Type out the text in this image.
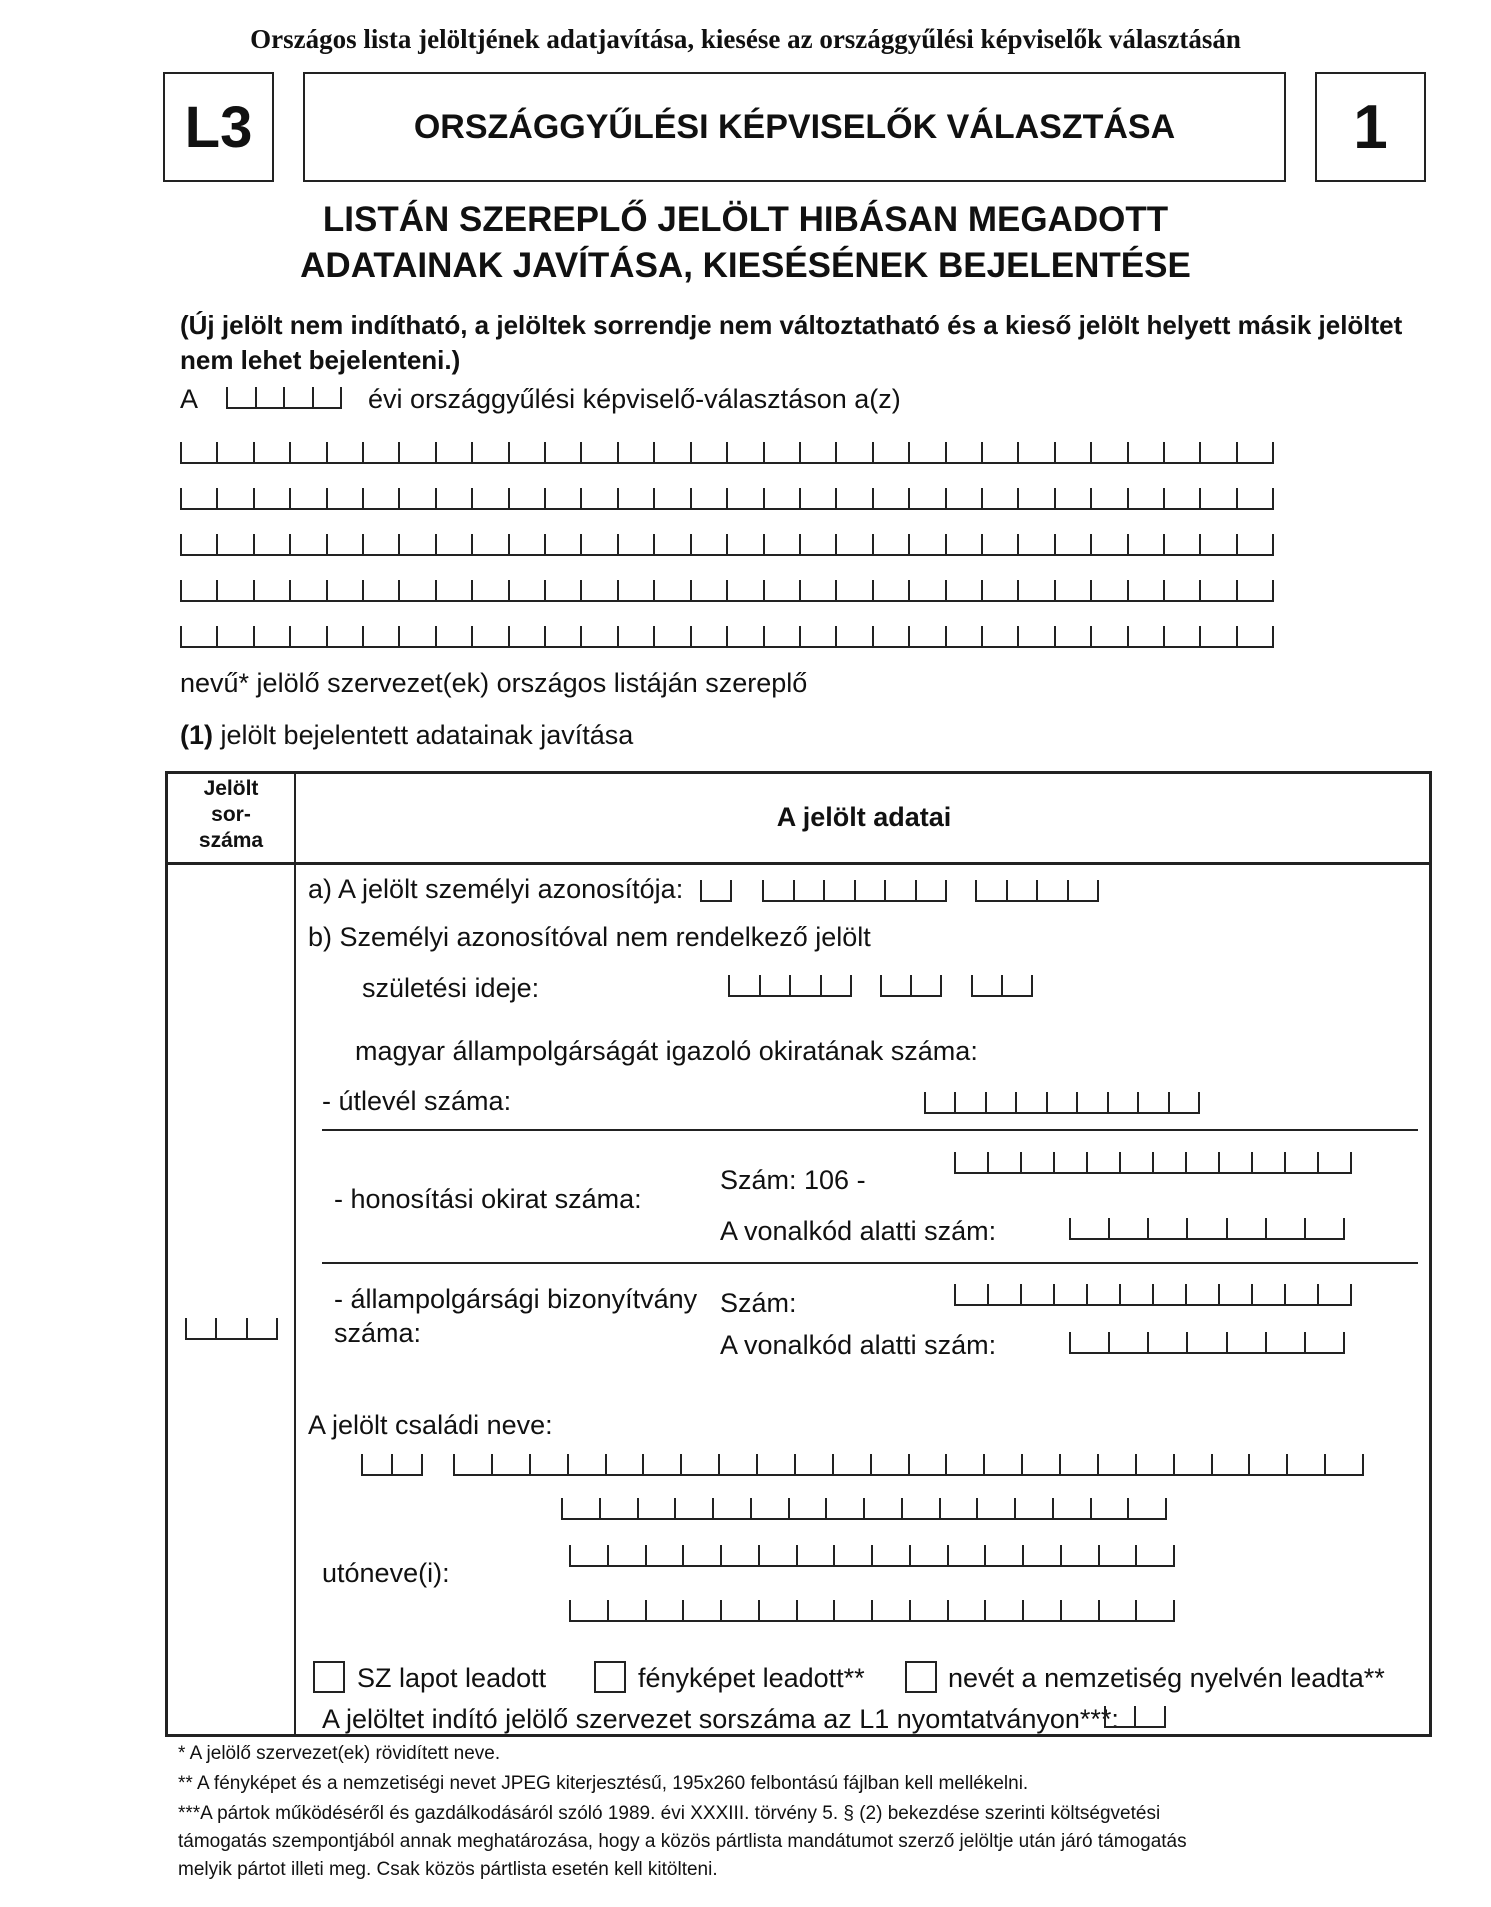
Országos lista jelöltjének adatjavítása, kiesése az országgyűlési képviselők választásán
L3	ORSZÁGGYŰLÉSI KÉPVISELŐK VÁLASZTÁSA	1
LISTÁN SZEREPLŐ JELÖLT HIBÁSAN MEGADOTT
ADATAINAK JAVÍTÁSA, KIESÉSÉNEK BEJELENTÉSE
(Új jelölt nem indítható, a jelöltek sorrendje nem változtatható és a kieső jelölt helyett másik jelöltet
nem lehet bejelenteni.)
A	évi országgyűlési képviselő-választáson a(z)
nevű* jelölő szervezet(ek) országos listáján szereplő
(1) jelölt bejelentett adatainak javítása
Jelölt
sor-
száma
A jelölt adatai
a) A jelölt személyi azonosítója:
b) Személyi azonosítóval nem rendelkező jelölt
születési ideje:
magyar állampolgárságát igazoló okiratának száma:
- útlevél száma:
- honosítási okirat száma:
Szám: 106 -
A vonalkód alatti szám:
- állampolgársági bizonyítvány
száma:
Szám:
A vonalkód alatti szám:
A jelölt családi neve:
utóneve(i):
SZ lapot leadott	fényképet leadott**	nevét a nemzetiség nyelvén leadta**
A jelöltet indító jelölő szervezet sorszáma az L1 nyomtatványon***:
* A jelölő szervezet(ek) rövidített neve.
** A fényképet és a nemzetiségi nevet JPEG kiterjesztésű, 195x260 felbontású fájlban kell mellékelni.
***A pártok működéséről és gazdálkodásáról szóló 1989. évi XXXIII. törvény 5. § (2) bekezdése szerinti költségvetési
támogatás szempontjából annak meghatározása, hogy a közös pártlista mandátumot szerző jelöltje után járó támogatás
melyik pártot illeti meg. Csak közös pártlista esetén kell kitölteni.
